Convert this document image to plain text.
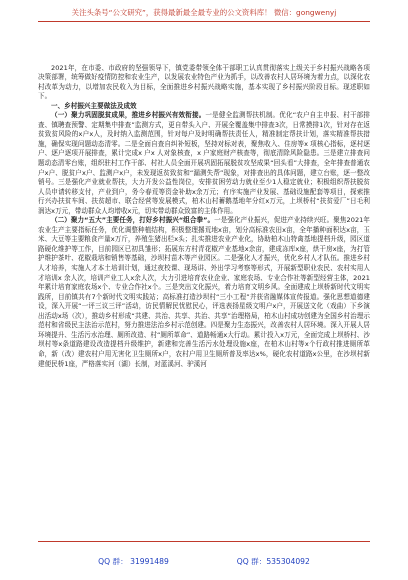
关注头条号“公文研究”，获得最新最全最专业的公文资料库！ 微信：gongwenyj

2021年，在市委、市政府的坚强领导下，镇党委带领全体干部职工认真贯彻落实上级关于乡村振兴战略各项决策部署，统筹做好疫情防控和农业生产，以发展农业特色产业为抓手，以改善农村人居环境为着力点，以深化农村改革为动力，以增加农民收入为目标，全面推进乡村振兴战略实施，基本实现了乡村振兴阶段目标。现述职如下。

一、乡村振兴主要做法及成效

（一）聚力巩固脱贫成果，推进乡村振兴有效衔接。一是健全监测帮扶机制。优化“农户自主申报、村干部排查、镇聘查预警、定期集中排查”监测方式，更自带头入户、开展全覆盖集中排查3次，日常摸排1次，针对存在返贫致贫风险的x户x人，及时纳入监测范围，针对每户及时明确帮扶责任人，精准制定帮扶计划，落实精准帮扶措施，确保实现问题动态清零。二是全面自查自纠补短板，坚持对标对表，聚焦收入、住房等x 项核心指标，逐村逐户、逐户逐项开展排查，累计完成x 户x 人对象核查，x 户家庭财产核查等，彻底清除风险隐患。三是建立排查问题动态清零台账，组织驻村工作干部、村社人员全面开展巩固拓展脱贫攻坚成果“回头看”大排查，全年排查普通农户x户、脱贫户x户、监测户x户，未发现返贫致贫和“漏测失帮”现象，对排查出的具体问题，建立台账，逐一整改销号。三是强化产业就业帮扶，大力开发公益性岗位，安排贫困劳动力就业至少1人稳定就业；积极组织帮扶脱贫人员申请转移支付，产业到户，务今春荒等资金补助x余万元；有序实施产业发展、基础设施配套等项目，探索推行兴办扶贫车间、扶贫超市、联合经营等发展模式，柏木山村蓄鹅基地年分红x万元，上坝桥村“扶贫爱厂”日毛利润达x万元，带动群众人均增收x元，切实带动群众致富的主体作用。

（二）聚力“五大”主要任务，打好乡村振兴“组合拳”。一是强化产业振兴，促进产业持续兴旺。聚焦2021年农业生产主要指标任务，优化调整种植结构，积极整理撂荒地x亩，划分高标准农田x亩，全年播种面积达x亩，玉米、大豆等主要粮食产量x万斤，养殖生猪出栏x头；扎实推进农业产业化，协助柏木山特禽基地提档升级，园区道路硬化维护等工作，目前园区已初具雏形；拓展东方村青花椒产业基地x余亩，建成冻库x座，烘干房x座，为打管护维护茶叶、花椒栽培和销售等基础，沙坝村苗木等产业园区。二是强化人才振兴，优化乡村人才队伍。推进乡村人才培养，实施人才本土培训计划，通过夜校课、现场讲、外出学习考察等形式，开展新型职业农民、农村实用人才培训x 余人次，培训产业工人x余人次，大力引进培育农业企业、家庭农场、专业合作社等新型经营主体，2021年累计培育家庭农场x个、专业合作社x个。三是突出文化振兴，着力培育文明乡风。全面建成上坝桥新时代文明实践所，目前镇共有7个新时代文明实践站；高标准打造沙坝村“三小工程”并获省融媒体宣传报道。强化思想道德建设，深入开展“一评三议三评”活动，访民情解民忧慰民心，评选表扬星级文明户x户，开展送文化（戏曲）下乡演出活动x场（次），推动乡村形成“共建、共治、共享、共治、共享”治理格局，柏木山村成功创建为全国乡村治理示范村和省级民主法治示范村，努力推进法治乡村示范创建。四是聚力生态振兴，改善农村人居环境。深入开展人居环境提升、生活污水治理、厕所改造、村“厕所革命”、道路畅通x大行动。累计投入x万元，全面完成上坝桥村、沙坝村等x条道路建设改造提档升级维护，新建和完善生活污水处理设施x座，在柏木山村等x个行政村推进厕所革命，新（改）建农村户用无害化卫生厕所x户，农村户用卫生厕所普及率达x%，硬化农村道路x公里，在沙坝村新建便民桥1座，严格落实河（湖）长制，对蓝溪河、驴溪河

QQ 群： 31991489	QQ 群：535304092
